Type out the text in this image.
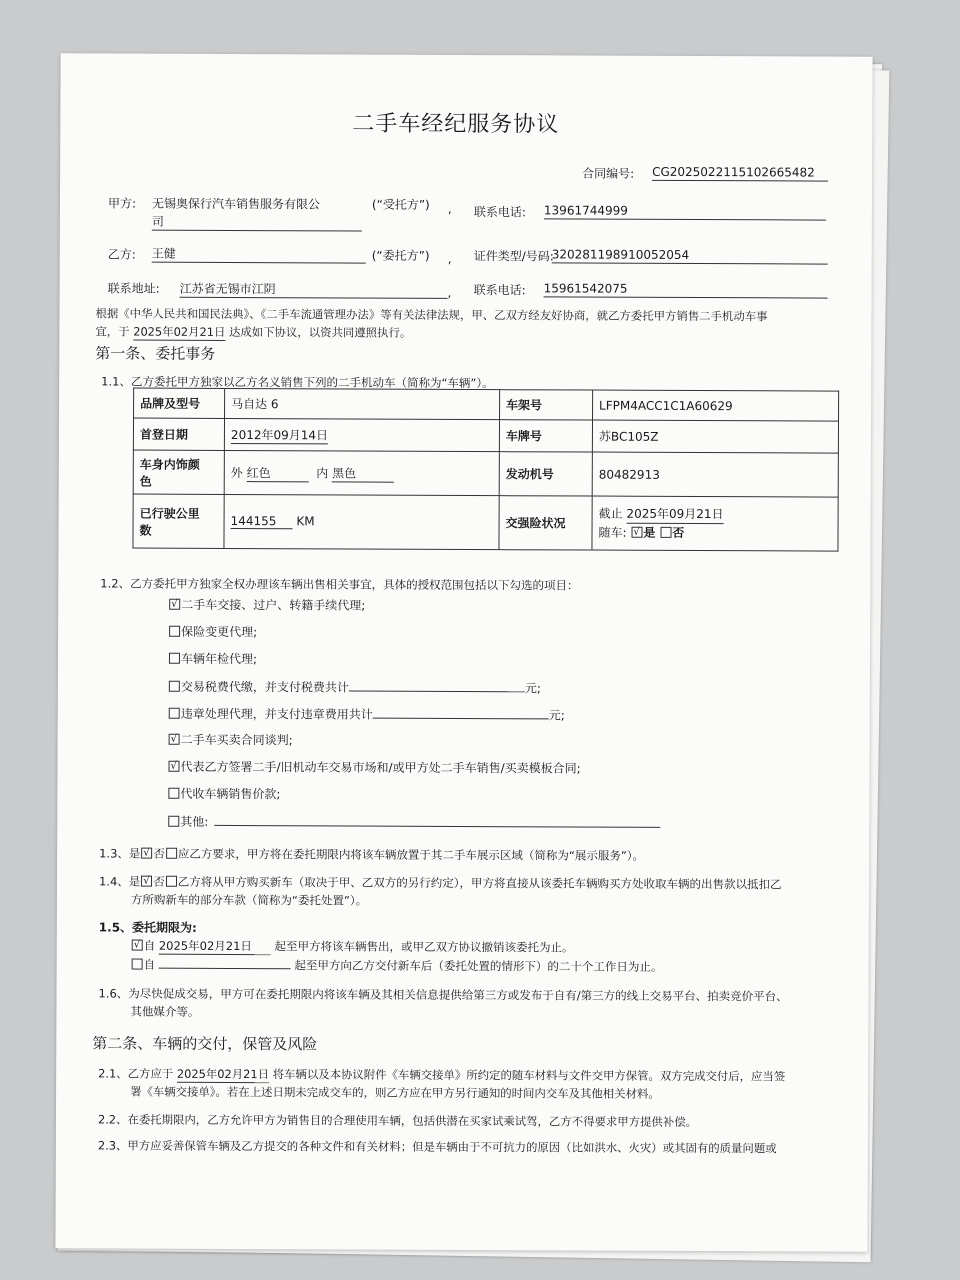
二手车经纪服务协议
合同编号: CG20250221151026654​82
甲方: 无锡奥保行汽车销售服务有限公
司
(“受托方”) , 联系电话: 13961744999
乙方: 王健	(“委托方”) , 证件类型/号码:
320281198910052054
联系地址: 江苏省无锡市江阴	, 联系电话: 15961542075
根据《中华人民共和国民法典》、《二手车流通管理办法》等有关法律法规，甲、乙双方经友好协商，就乙方委托甲方销售二手机动车事
宜，于 2025年02月21日 达成如下协议，以资共同遵照执行。
第一条、委托事务
1.1、乙方委托甲方独家以乙方名义销售下列的二手机动车（简称为“车辆”）。
品牌及型号	马自达 6	车架号	LFPM4ACC1C1A60629
首登日期	2012年09月14日	车牌号	苏BC105Z
车身内饰颜
色	外 红色 内 黑色	发动机号	80482913
已行驶公里
数	144155 KM	交强险状况	截止 2025年09月21日
随车: √ 是 否
1.2、乙方委托甲方独家全权办理该车辆出售相关事宜，具体的授权范围包括以下勾选的项目：
√二手车交接、过户、转籍手续代理;
保险变更代理;
车辆年检代理;
交易税费代缴，并支付税费共计	元;
违章处理代理，并支付违章费用共计	元;
√二手车买卖合同谈判;
√代表乙方签署二手/旧机动车交易市场和/或甲方处二手车销售/买卖模板合同;
代收车辆销售价款;
其他:
1.3、是 √ 否 应乙方要求，甲方将在委托期限内将该车辆放置于其二手车展示区域（简称为“展示服务”）。
1.4、是 √ 否 乙方将从甲方购买新车（取决于甲、乙双方的另行约定），甲方将直接从该委托车辆购买方处收取车辆的出售款以抵扣乙
方所购新车的部分车款（简称为“委托处置”）。
1.5、委托期限为:
√自 2025年02月21日 起至甲方将该车辆售出，或甲乙双方协议撤销该委托为止。
自	起至甲方向乙方交付新车后（委托处置的情形下）的二十个工作日为止。
1.6、为尽快促成交易，甲方可在委托期限内将该车辆及其相关信息提供给第三方或发布于自有/第三方的线上交易平台、拍卖竞价平台、
其他媒介等。
第二条、车辆的交付，保管及风险
2.1、乙方应于 2025年02月21日 将车辆以及本协议附件《车辆交接单》所约定的随车材料与文件交甲方保管。双方完成交付后，应当签
署《车辆交接单》。若在上述日期未完成交车的，则乙方应在甲方另行通知的时间内交车及其他相关材料。
2.2、在委托期限内，乙方允许甲方为销售目的合理使用车辆，包括供潜在买家试乘试驾，乙方不得要求甲方提供补偿。
2.3、甲方应妥善保管车辆及乙方提交的各种文件和有关材料；但是车辆由于不可抗力的原因（比如洪水、火灾）或其固有的质量问题或
